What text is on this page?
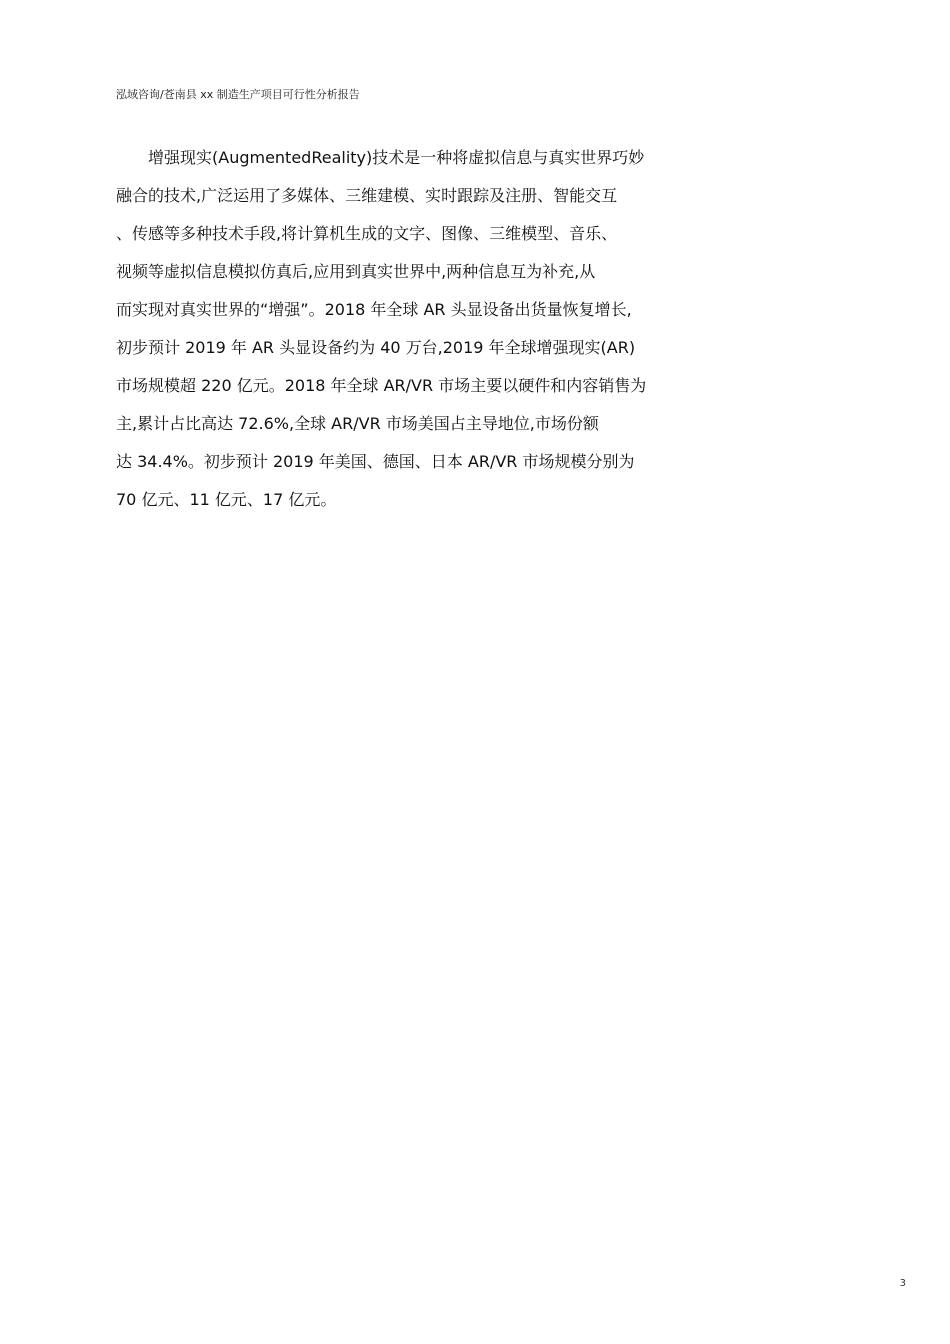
泓域咨询/苍南县 xx 制造生产项目可行性分析报告
增强现实(AugmentedReality)技术是一种将虚拟信息与真实世界巧妙
融合的技术,广泛运用了多媒体、三维建模、实时跟踪及注册、智能交互
、传感等多种技术手段,将计算机生成的文字、图像、三维模型、音乐、
视频等虚拟信息模拟仿真后,应用到真实世界中,两种信息互为补充,从
而实现对真实世界的“增强”。2018 年全球 AR 头显设备出货量恢复增长,
初步预计 2019 年 AR 头显设备约为 40 万台,2019 年全球增强现实(AR)
市场规模超 220 亿元。2018 年全球 AR/VR 市场主要以硬件和内容销售为
主,累计占比高达 72.6%,全球 AR/VR 市场美国占主导地位,市场份额
达 34.4%。初步预计 2019 年美国、德国、日本 AR/VR 市场规模分别为
70 亿元、11 亿元、17 亿元。
3
